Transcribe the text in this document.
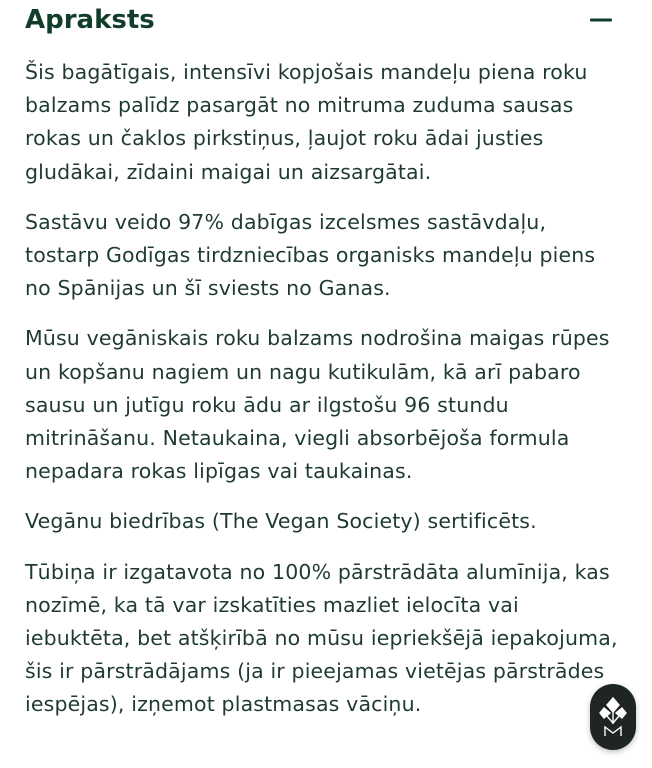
Apraksts

Šis bagātīgais, intensīvi kopjošais mandeļu piena roku balzams palīdz pasargāt no mitruma zuduma sausas rokas un čaklos pirkstiņus, ļaujot roku ādai justies gludākai, zīdaini maigai un aizsargātai.

Sastāvu veido 97% dabīgas izcelsmes sastāvdaļu, tostarp Godīgas tirdzniecības organisks mandeļu piens no Spānijas un šī sviests no Ganas.

Mūsu vegāniskais roku balzams nodrošina maigas rūpes un kopšanu nagiem un nagu kutikulām, kā arī pabaro sausu un jutīgu roku ādu ar ilgstošu 96 stundu mitrināšanu. Netaukaina, viegli absorbējoša formula nepadara rokas lipīgas vai taukainas.

Vegānu biedrības (The Vegan Society) sertificēts.

Tūbiņa ir izgatavota no 100% pārstrādāta alumīnija, kas nozīmē, ka tā var izskatīties mazliet ielocīta vai iebuktēta, bet atšķirībā no mūsu iepriekšējā iepakojuma, šis ir pārstrādājams (ja ir pieejamas vietējas pārstrādes iespējas), izņemot plastmasas vāciņu.
